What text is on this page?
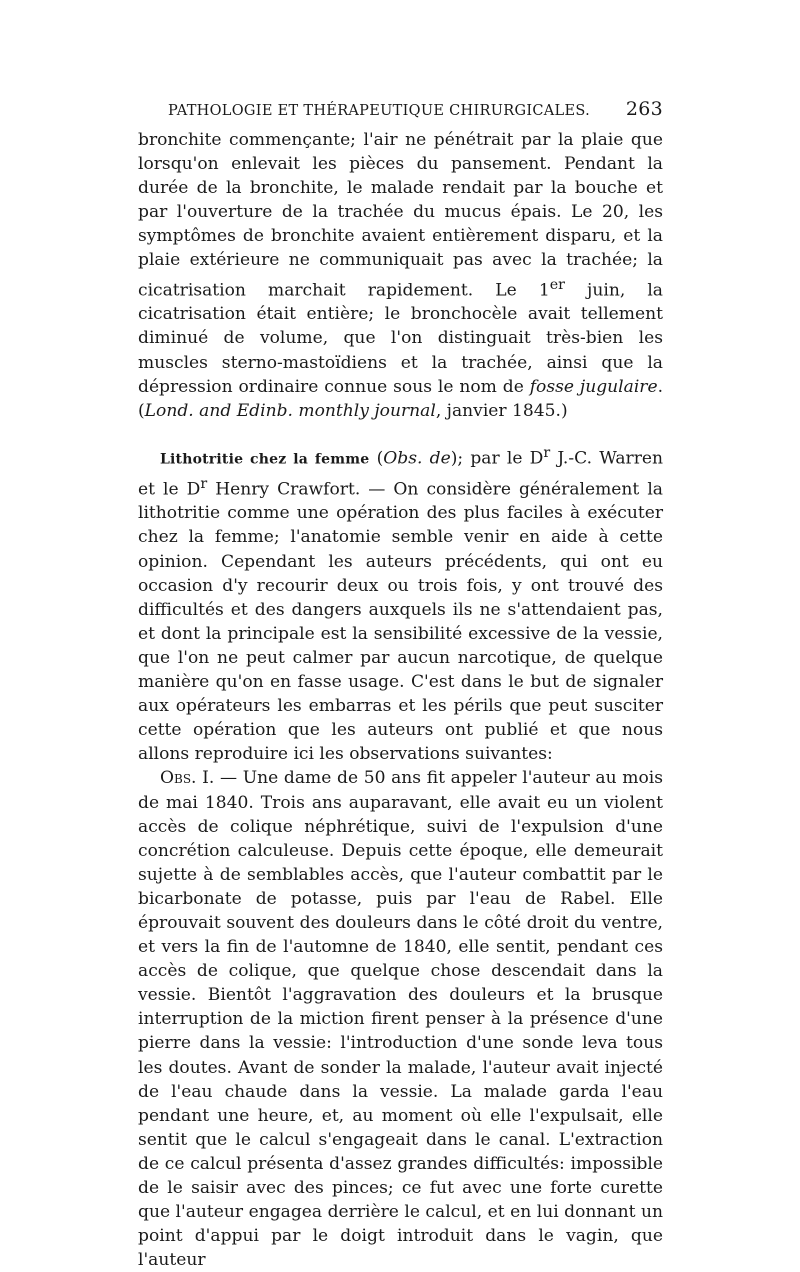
PATHOLOGIE ET THÉRAPEUTIQUE CHIRURGICALES. 263

bronchite commençante; l'air ne pénétrait par la plaie que lorsqu'on enlevait les pièces du pansement. Pendant la durée de la bronchite, le malade rendait par la bouche et par l'ouverture de la trachée du mucus épais. Le 20, les symptômes de bronchite avaient entièrement disparu, et la plaie extérieure ne communiquait pas avec la trachée; la cicatrisation marchait rapidement. Le 1er juin, la cicatrisation était entière; le bronchocèle avait tellement diminué de volume, que l'on distinguait très-bien les muscles sterno-mastoïdiens et la trachée, ainsi que la dépression ordinaire connue sous le nom de fosse jugulaire. (Lond. and Edinb. monthly journal, janvier 1845.)

Lithotritie chez la femme (Obs. de); par le $D^r$ J.-C. Warren et le $D^r$ Henry Crawfort. — On considère généralement la lithotritie comme une opération des plus faciles à exécuter chez la femme; l'anatomie semble venir en aide à cette opinion. Cependant les auteurs précédents, qui ont eu occasion d'y recourir deux ou trois fois, y ont trouvé des difficultés et des dangers auxquels ils ne s'attendaient pas, et dont la principale est la sensibilité excessive de la vessie, que l'on ne peut calmer par aucun narcotique, de quelque manière qu'on en fasse usage. C'est dans le but de signaler aux opérateurs les embarras et les périls que peut susciter cette opération que les auteurs ont publié et que nous allons reproduire ici les observations suivantes:

Obs. I. — Une dame de 50 ans fit appeler l'auteur au mois de mai 1840. Trois ans auparavant, elle avait eu un violent accès de colique néphrétique, suivi de l'expulsion d'une concrétion calculeuse. Depuis cette époque, elle demeurait sujette à de semblables accès, que l'auteur combattit par le bicarbonate de potasse, puis par l'eau de Rabel. Elle éprouvait souvent des douleurs dans le côté droit du ventre, et vers la fin de l'automne de 1840, elle sentit, pendant ces accès de colique, que quelque chose descendait dans la vessie. Bientôt l'aggravation des douleurs et la brusque interruption de la miction firent penser à la présence d'une pierre dans la vessie: l'introduction d'une sonde leva tous les doutes. Avant de sonder la malade, l'auteur avait injecté de l'eau chaude dans la vessie. La malade garda l'eau pendant une heure, et, au moment où elle l'expulsait, elle sentit que le calcul s'engageait dans le canal. L'extraction de ce calcul présenta d'assez grandes difficultés: impossible de le saisir avec des pinces; ce fut avec une forte curette que l'auteur engagea derrière le calcul, et en lui donnant un point d'appui par le doigt introduit dans le vagin, que l'auteur
